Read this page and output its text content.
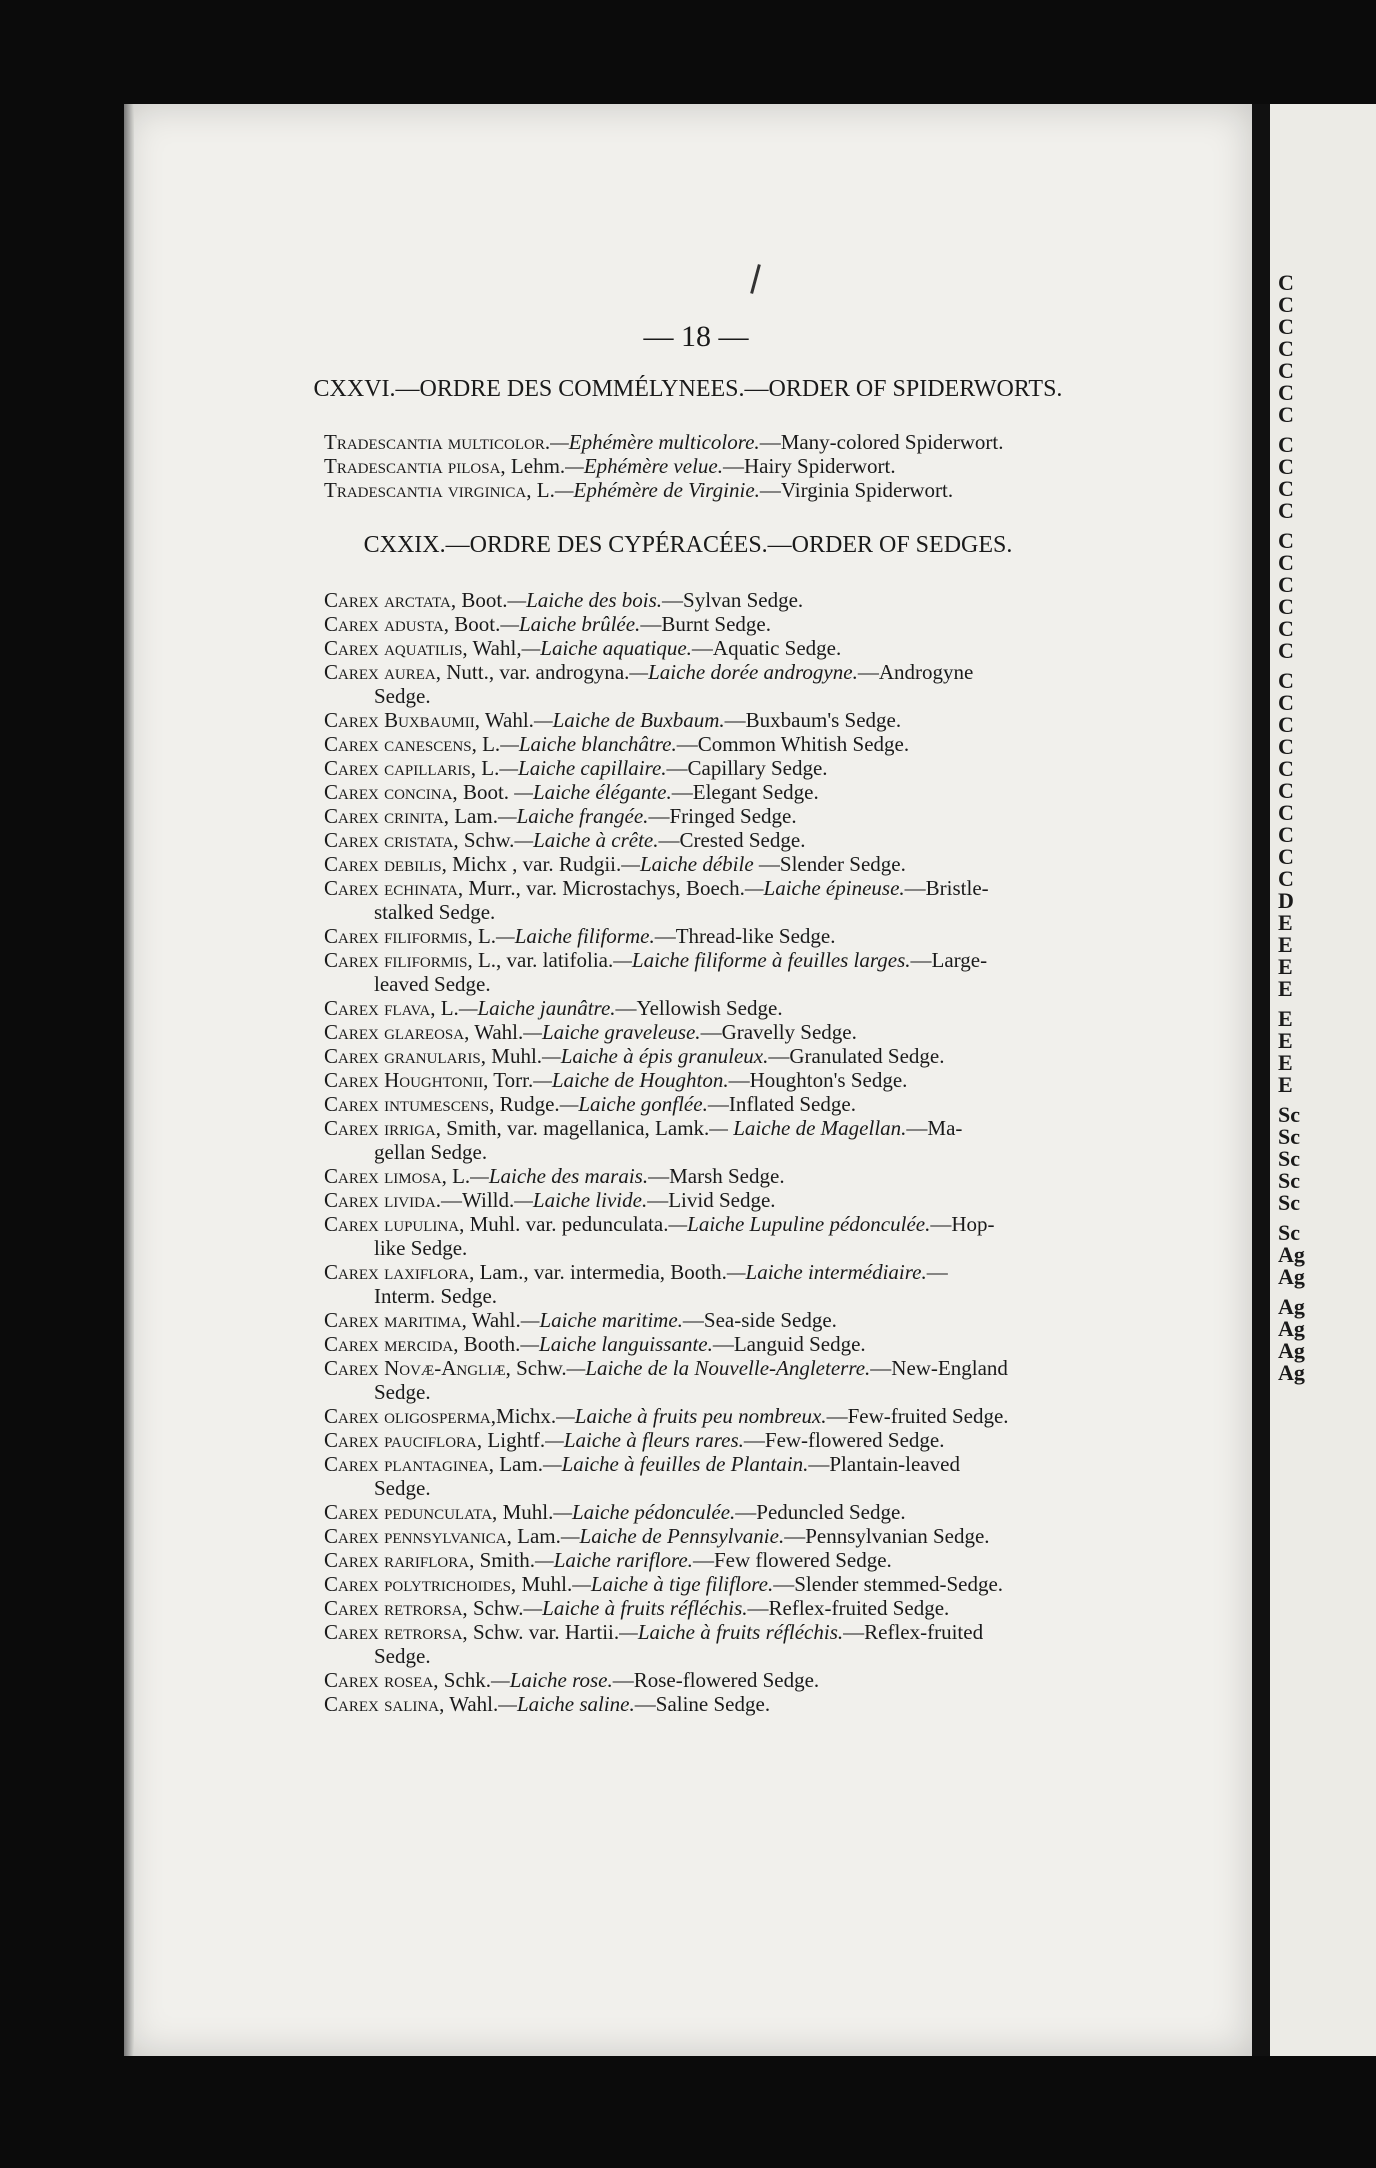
— 18 —
CXXVI.—ORDRE DES COMMÉLYNEES.—ORDER OF SPIDERWORTS.
Tradescantia multicolor.—Ephémère multicolore.—Many-colored Spiderwort.
Tradescantia pilosa, Lehm.—Ephémère velue.—Hairy Spiderwort.
Tradescantia virginica, L.—Ephémère de Virginie.—Virginia Spiderwort.
CXXIX.—ORDRE DES CYPÉRACÉES.—ORDER OF SEDGES.
Carex arctata, Boot.—Laiche des bois.—Sylvan Sedge.
Carex adusta, Boot.—Laiche brûlée.—Burnt Sedge.
Carex aquatilis, Wahl,—Laiche aquatique.—Aquatic Sedge.
Carex aurea, Nutt., var. androgyna.—Laiche dorée androgyne.—Androgyne
Sedge.
Carex Buxbaumii, Wahl.—Laiche de Buxbaum.—Buxbaum's Sedge.
Carex canescens, L.—Laiche blanchâtre.—Common Whitish Sedge.
Carex capillaris, L.—Laiche capillaire.—Capillary Sedge.
Carex concina, Boot. —Laiche élégante.—Elegant Sedge.
Carex crinita, Lam.—Laiche frangée.—Fringed Sedge.
Carex cristata, Schw.—Laiche à crête.—Crested Sedge.
Carex debilis, Michx , var. Rudgii.—Laiche débile —Slender Sedge.
Carex echinata, Murr., var. Microstachys, Boech.—Laiche épineuse.—Bristle-
stalked Sedge.
Carex filiformis, L.—Laiche filiforme.—Thread-like Sedge.
Carex filiformis, L., var. latifolia.—Laiche filiforme à feuilles larges.—Large-
leaved Sedge.
Carex flava, L.—Laiche jaunâtre.—Yellowish Sedge.
Carex glareosa, Wahl.—Laiche graveleuse.—Gravelly Sedge.
Carex granularis, Muhl.—Laiche à épis granuleux.—Granulated Sedge.
Carex Houghtonii, Torr.—Laiche de Houghton.—Houghton's Sedge.
Carex intumescens, Rudge.—Laiche gonflée.—Inflated Sedge.
Carex irriga, Smith, var. magellanica, Lamk.— Laiche de Magellan.—Ma-
gellan Sedge.
Carex limosa, L.—Laiche des marais.—Marsh Sedge.
Carex livida.—Willd.—Laiche livide.—Livid Sedge.
Carex lupulina, Muhl. var. pedunculata.—Laiche Lupuline pédonculée.—Hop-
like Sedge.
Carex laxiflora, Lam., var. intermedia, Booth.—Laiche intermédiaire.—
Interm. Sedge.
Carex maritima, Wahl.—Laiche maritime.—Sea-side Sedge.
Carex mercida, Booth.—Laiche languissante.—Languid Sedge.
Carex Novæ-Angliæ, Schw.—Laiche de la Nouvelle-Angleterre.—New-England
Sedge.
Carex oligosperma,Michx.—Laiche à fruits peu nombreux.—Few-fruited Sedge.
Carex pauciflora, Lightf.—Laiche à fleurs rares.—Few-flowered Sedge.
Carex plantaginea, Lam.—Laiche à feuilles de Plantain.—Plantain-leaved
Sedge.
Carex pedunculata, Muhl.—Laiche pédonculée.—Peduncled Sedge.
Carex pennsylvanica, Lam.—Laiche de Pennsylvanie.—Pennsylvanian Sedge.
Carex rariflora, Smith.—Laiche rariflore.—Few flowered Sedge.
Carex polytrichoides, Muhl.—Laiche à tige filiflore.—Slender stemmed-Sedge.
Carex retrorsa, Schw.—Laiche à fruits réfléchis.—Reflex-fruited Sedge.
Carex retrorsa, Schw. var. Hartii.—Laiche à fruits réfléchis.—Reflex-fruited
Sedge.
Carex rosea, Schk.—Laiche rose.—Rose-flowered Sedge.
Carex salina, Wahl.—Laiche saline.—Saline Sedge.
C
C
C
C
C
C
C
C
C
C
C
C
C
C
C
C
C
C
C
C
C
C
C
C
C
C
C
D
E
E
E
E
E
E
E
E
Sc
Sc
Sc
Sc
Sc
Sc
Ag
Ag
Ag
Ag
Ag
Ag
